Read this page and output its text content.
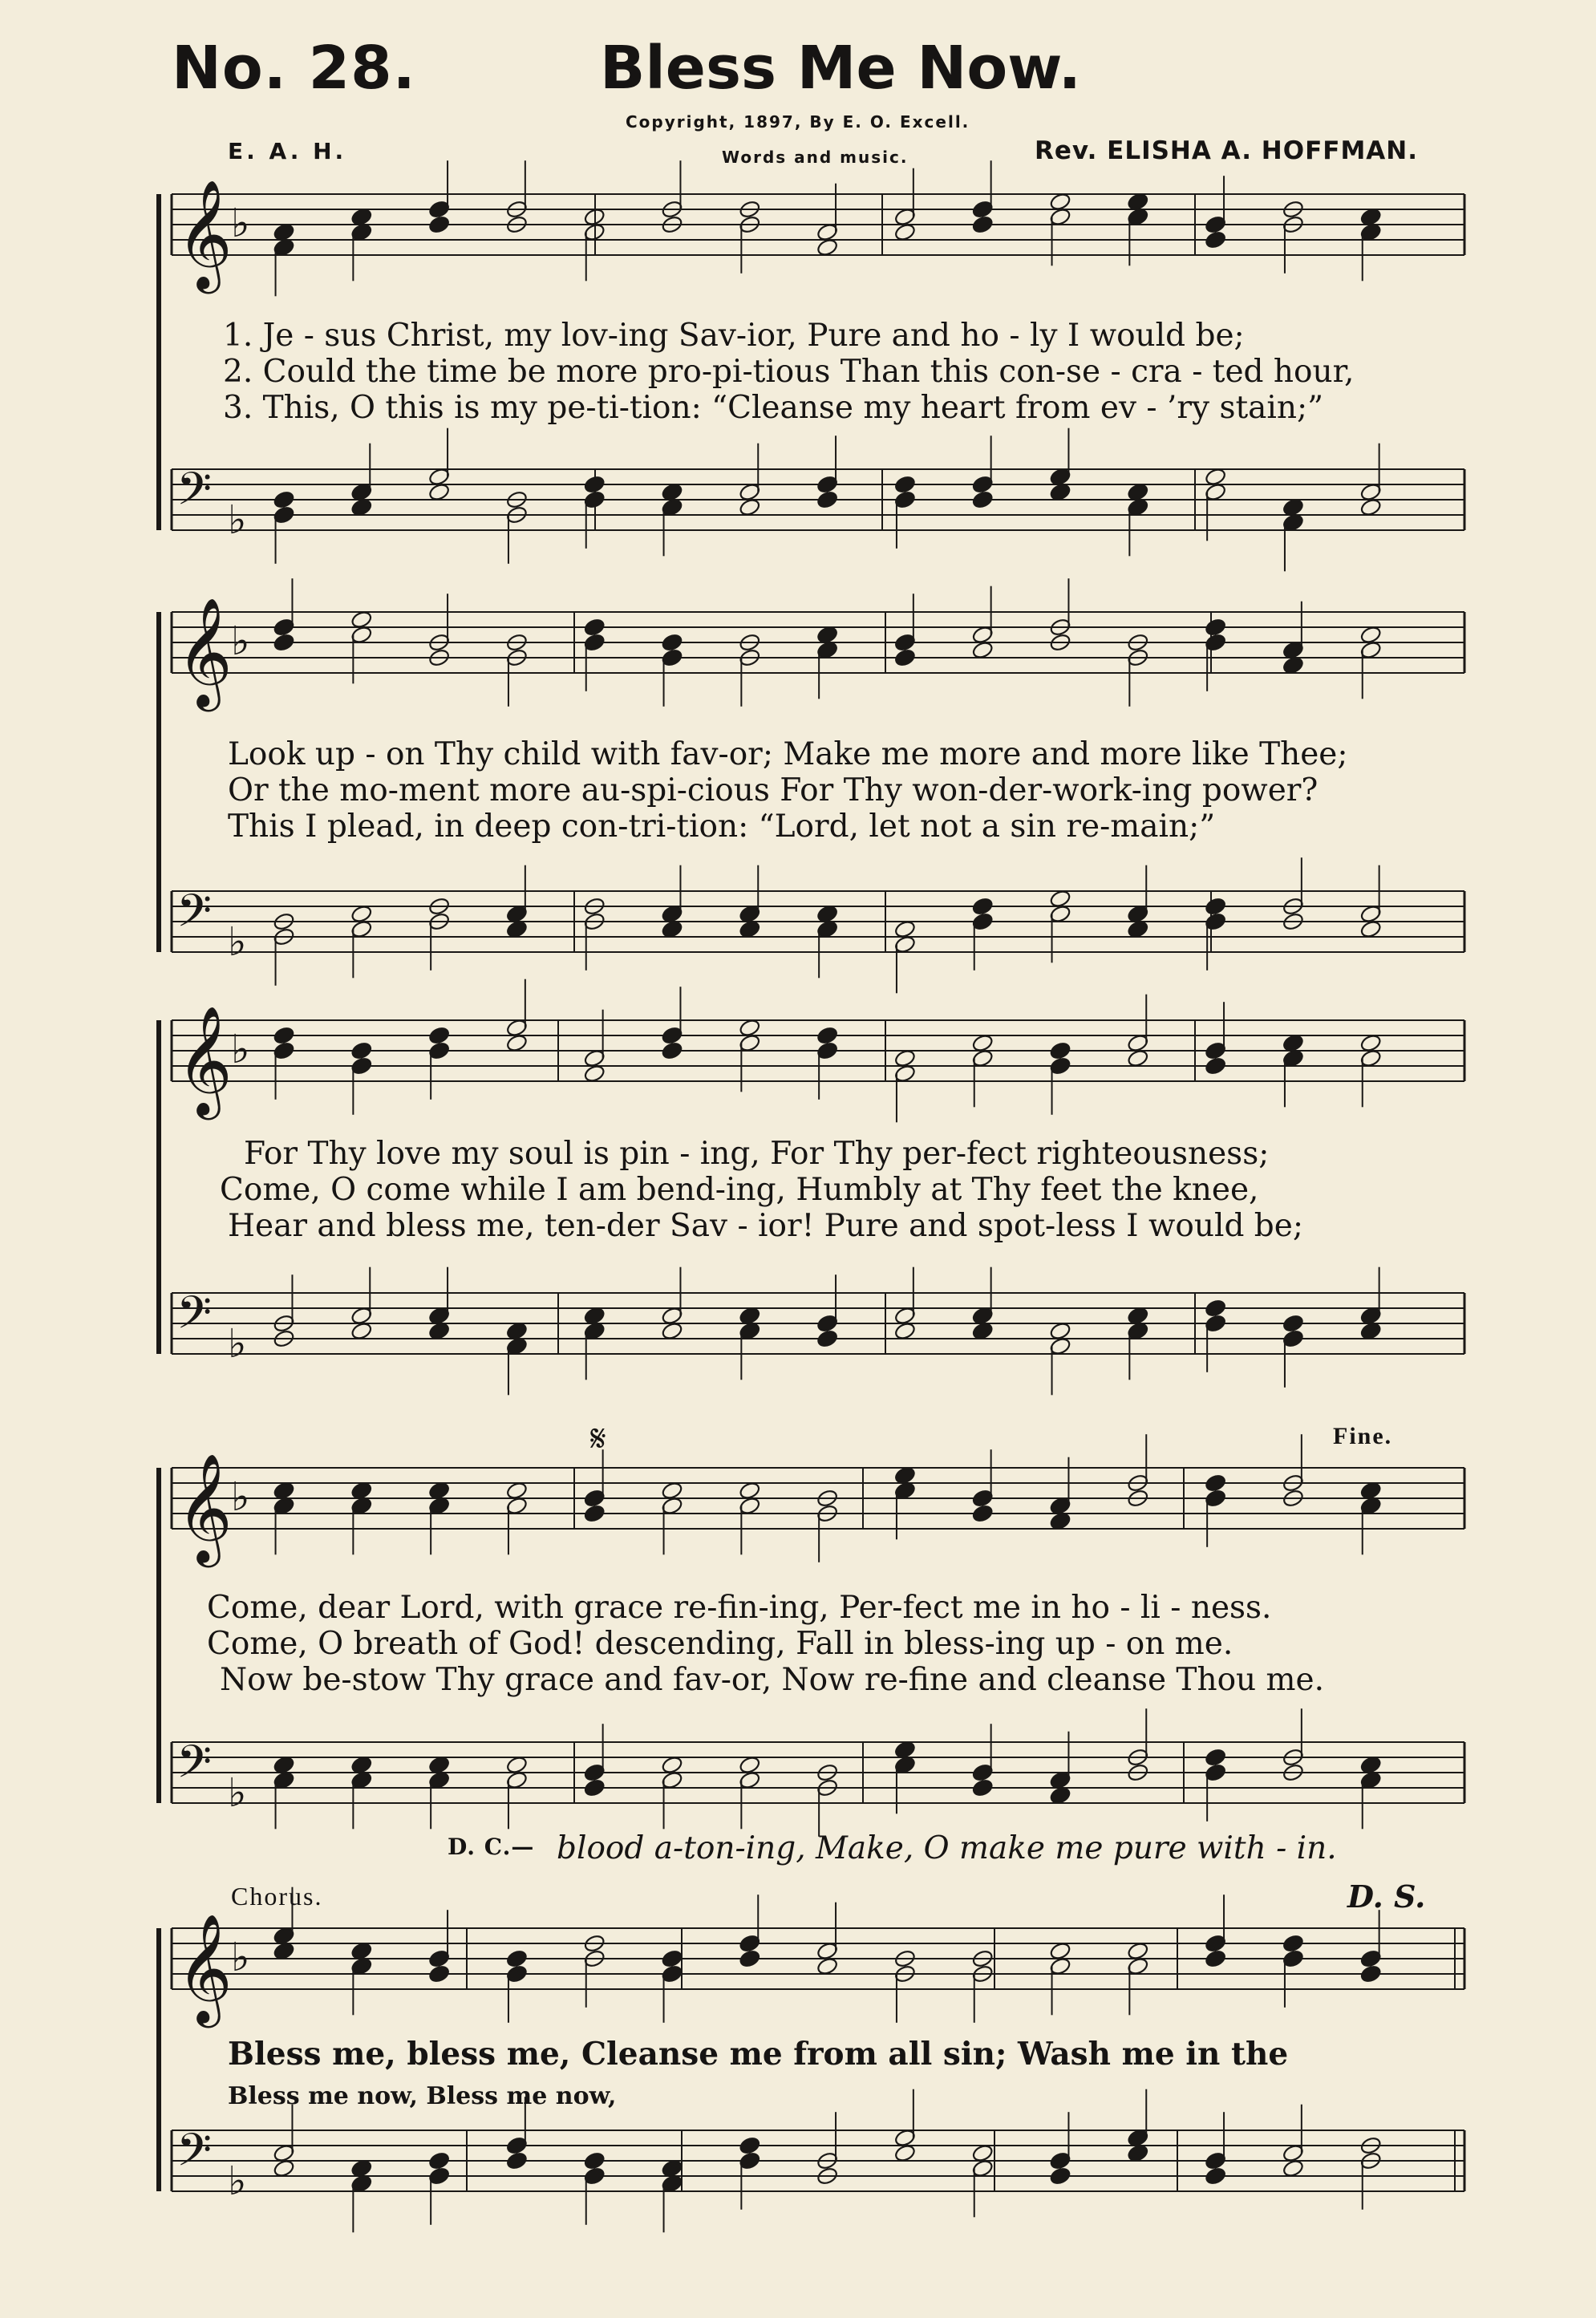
No. 28.	Bless Me Now.
Copyright, 1897, By E. O. Excell.
E. A. H.	Words and music.	Rev. ELISHA A. HOFFMAN.
𝄞
♭
𝄢 ♭
𝄞
♭
𝄢 ♭
𝄞
♭
𝄢 ♭
𝄞
♭
𝄢 ♭
𝄞
♭
𝄢 ♭
1. Je - sus Christ, my lov-ing Sav-ior, Pure and ho - ly I would be;
2. Could the time be more pro-pi-tious Than this con-se - cra - ted hour,
3. This, O this is my pe-ti-tion: “Cleanse my heart from ev - ’ry stain;”
Look up - on Thy child with fav-or; Make me more and more like Thee;
Or the mo-ment more au-spi-cious For Thy won-der-work-ing power?
This I plead, in deep con-tri-tion: “Lord, let not a sin re-main;”
For Thy love my soul is pin - ing, For Thy per-fect righteousness;
Come, O come while I am bend-ing, Humbly at Thy feet the knee,
Hear and bless me, ten-der Sav - ior! Pure and spot-less I would be;
𝄋	Fine.
Come, dear Lord, with grace re-fin-ing, Per-fect me in ho - li - ness.
Come, O breath of God! descending, Fall in bless-ing up - on me.
Now be-stow Thy grace and fav-or, Now re-fine and cleanse Thou me.
D. C.— blood a-ton-ing, Make, O make me pure with - in.
Chorus.	D. S.
Bless me, bless me, Cleanse me from all sin; Wash me in the
Bless me now, Bless me now,
